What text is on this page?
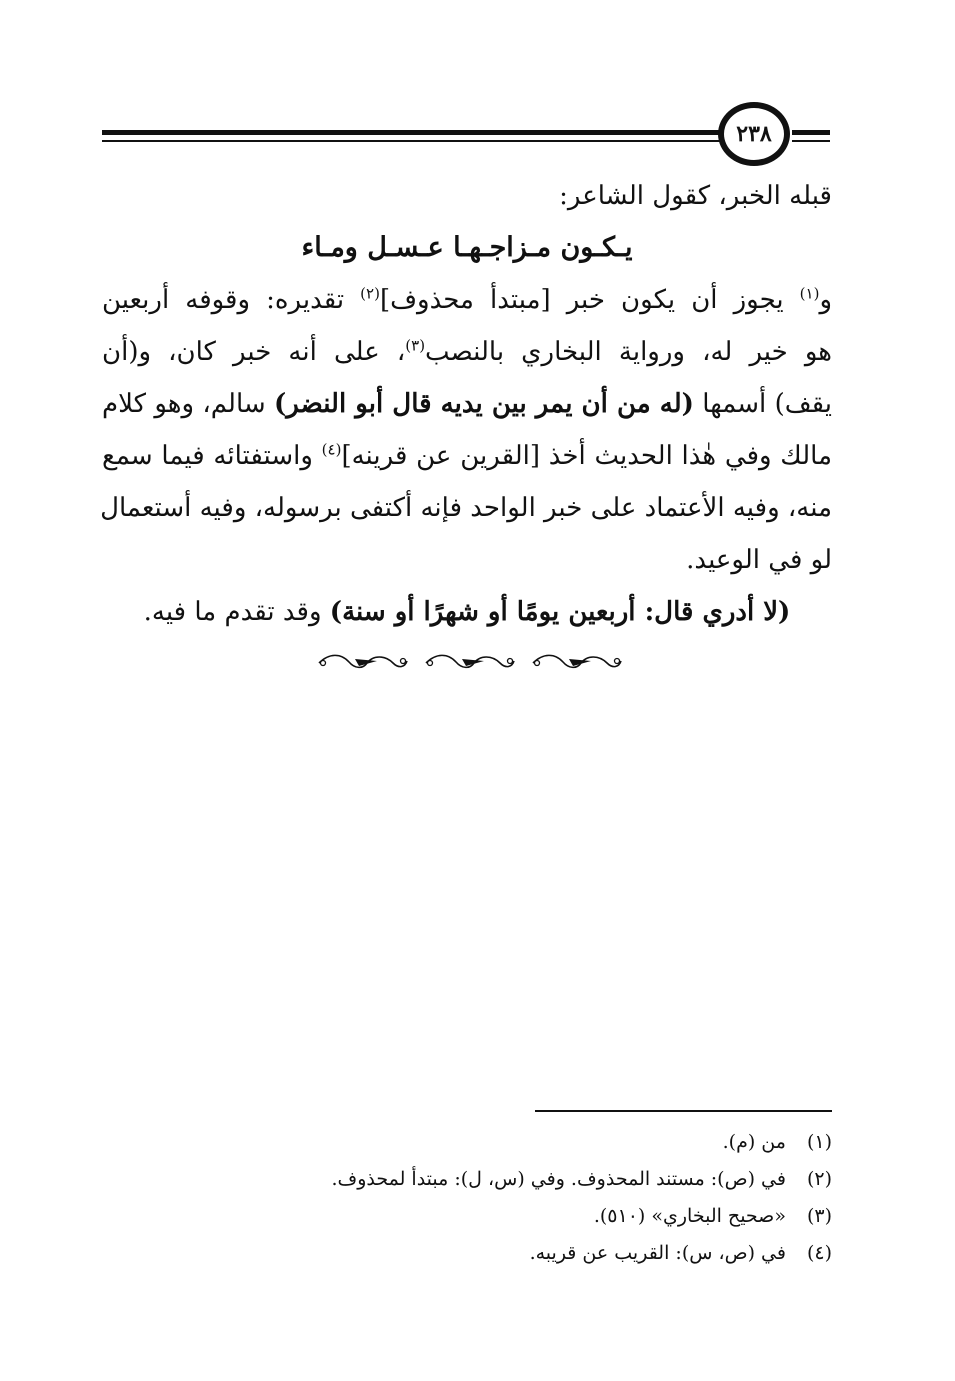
٢٣٨
قبله الخبر، كقول الشاعر:
يـكـون مـزاجـهـا عـسـل ومـاء
و$^{(١)}$ يجوز أن يكون خبر [مبتدأ محذوف]$^{(٢)}$ تقديره: وقوفه أربعين
هو خير له، ورواية البخاري بالنصب$^{(٣)}$، على أنه خبر كان، و(أن
يقف) أسمها (له من أن يمر بين يديه قال أبو النضر) سالم، وهو كلام
مالك وفي هٰذا الحديث أخذ [القرين عن قرينه]$^{(٤)}$ واستفتائه فيما سمع
منه، وفيه الأعتماد على خبر الواحد فإنه أكتفى برسوله، وفيه أستعمال
لو في الوعيد.
(لا أدري قال: أربعين يومًا أو شهرًا أو سنة) وقد تقدم ما فيه.
(١) من (م).
(٢) في (ص): مستند المحذوف. وفي (س، ل): مبتدأ لمحذوف.
(٣) «صحيح البخاري» (٥١٠).
(٤) في (ص، س): القريب عن قريبه.
